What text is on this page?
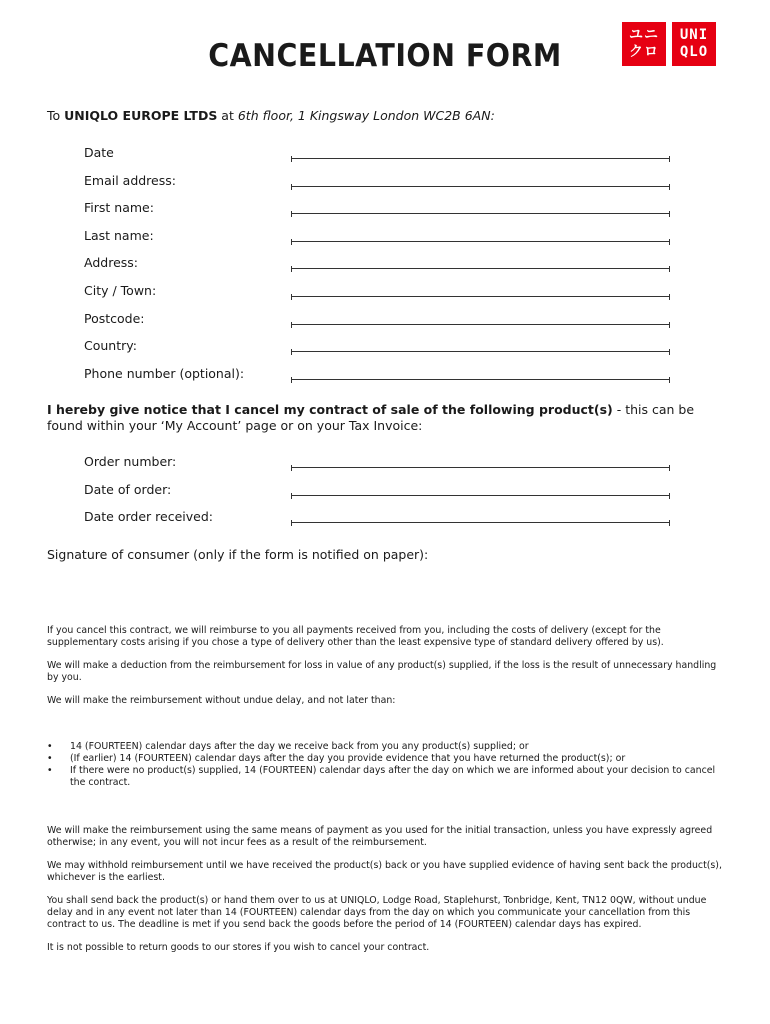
CANCELLATION FORM
ユニ
クロ
UNI
QLO
To UNIQLO EUROPE LTDS at 6th floor, 1 Kingsway London WC2B 6AN:
Date
Email address:
First name:
Last name:
Address:
City / Town:
Postcode:
Country:
Phone number (optional):
I hereby give notice that I cancel my contract of sale of the following product(s) - this can be found within your ‘My Account’ page or on your Tax Invoice:
Order number:
Date of order:
Date order received:
Signature of consumer (only if the form is notified on paper):

If you cancel this contract, we will reimburse to you all payments received from you, including the costs of delivery (except for the supplementary costs arising if you chose a type of delivery other than the least expensive type of standard delivery offered by us).

We will make a deduction from the reimbursement for loss in value of any product(s) supplied, if the loss is the result of unnecessary handling by you.

We will make the reimbursement without undue delay, and not later than:

• 14 (FOURTEEN) calendar days after the day we receive back from you any product(s) supplied; or
• (If earlier) 14 (FOURTEEN) calendar days after the day you provide evidence that you have returned the product(s); or
• If there were no product(s) supplied, 14 (FOURTEEN) calendar days after the day on which we are informed about your decision to cancel the contract.

We will make the reimbursement using the same means of payment as you used for the initial transaction, unless you have expressly agreed otherwise; in any event, you will not incur fees as a result of the reimbursement.

We may withhold reimbursement until we have received the product(s) back or you have supplied evidence of having sent back the product(s), whichever is the earliest.

You shall send back the product(s) or hand them over to us at UNIQLO, Lodge Road, Staplehurst, Tonbridge, Kent, TN12 0QW, without undue delay and in any event not later than 14 (FOURTEEN) calendar days from the day on which you communicate your cancellation from this contract to us. The deadline is met if you send back the goods before the period of 14 (FOURTEEN) calendar days has expired.

It is not possible to return goods to our stores if you wish to cancel your contract.
